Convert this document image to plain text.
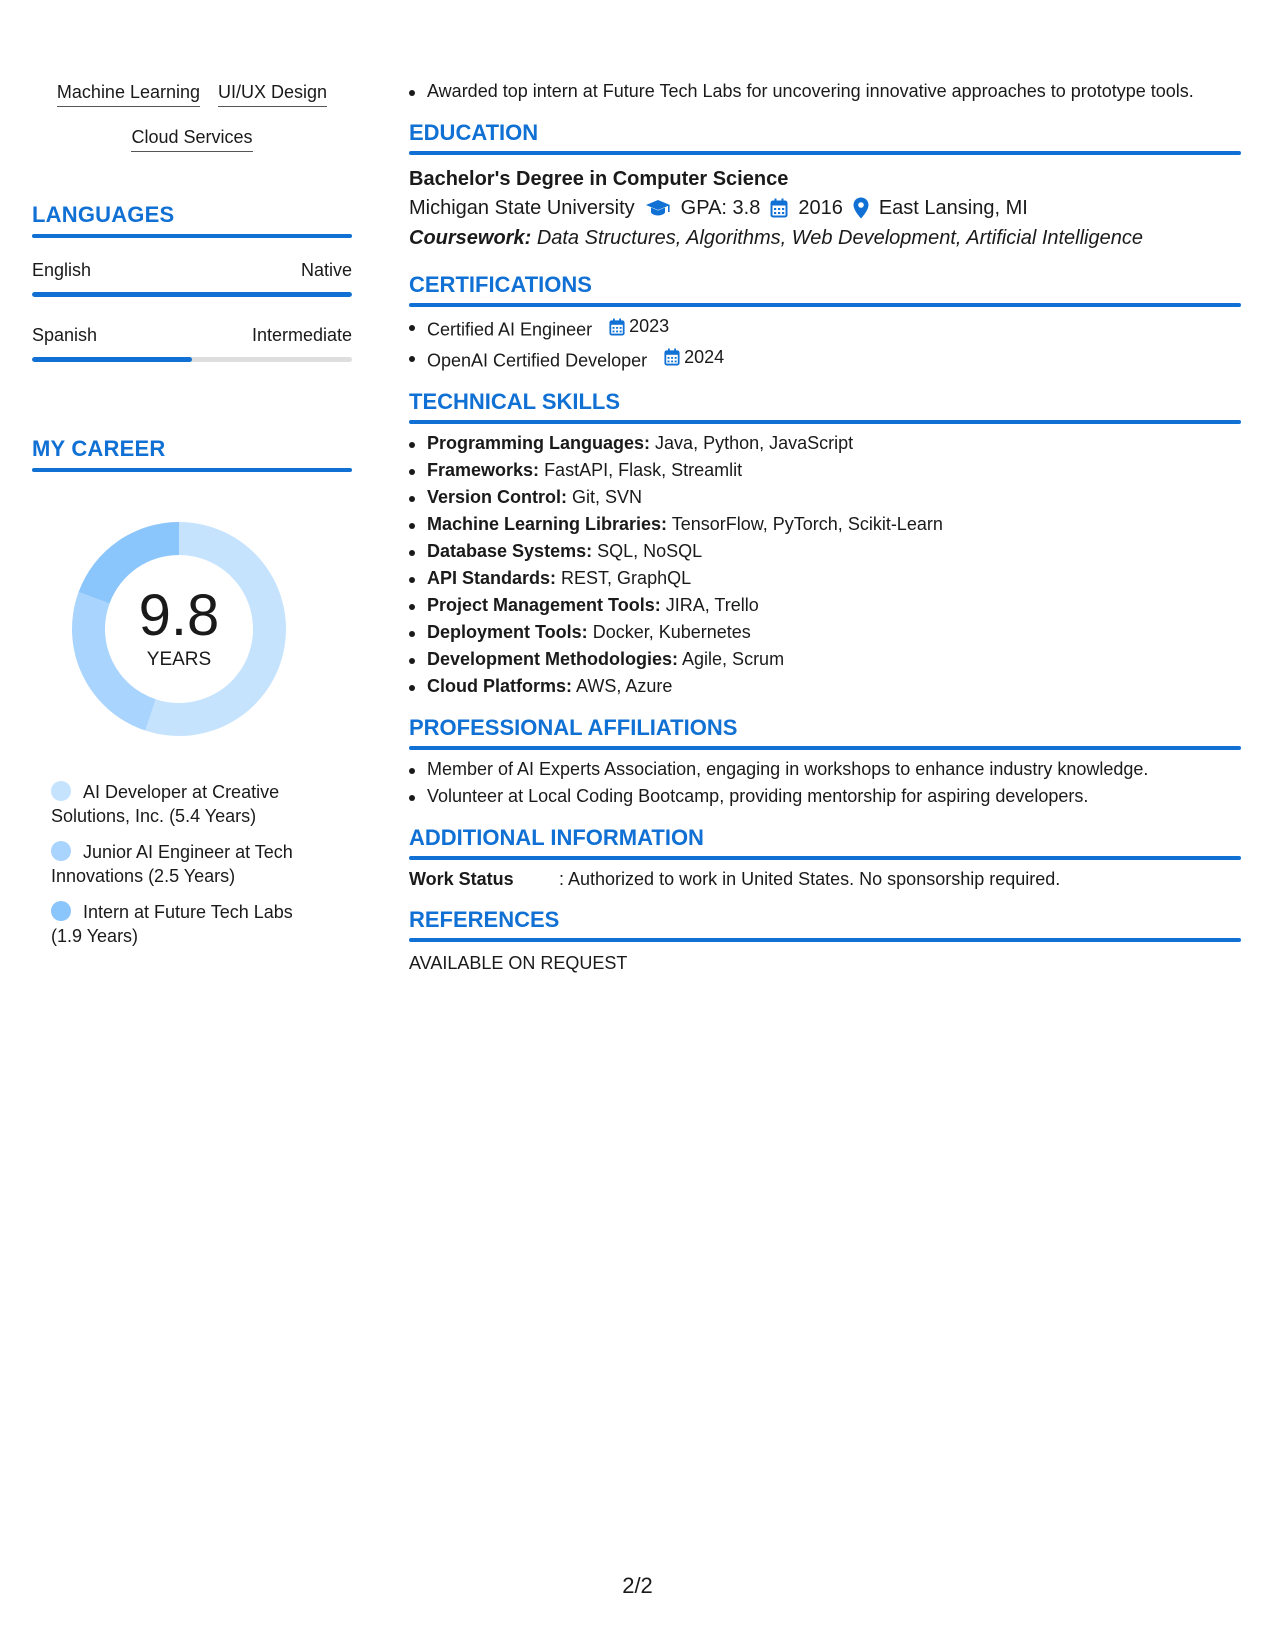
Machine Learning UI/UX Design
Cloud Services
LANGUAGES
English	Native
Spanish	Intermediate
MY CAREER
9.8
YEARS
AI Developer at Creative Solutions, Inc. (5.4 Years)
Junior AI Engineer at Tech Innovations (2.5 Years)
Intern at Future Tech Labs (1.9 Years)
Awarded top intern at Future Tech Labs for uncovering innovative approaches to prototype tools.
EDUCATION
Bachelor's Degree in Computer Science
Michigan State University GPA: 3.8 2016 East Lansing, MI
Coursework: Data Structures, Algorithms, Web Development, Artificial Intelligence
CERTIFICATIONS
Certified AI Engineer 2023
OpenAI Certified Developer 2024
TECHNICAL SKILLS
Programming Languages: Java, Python, JavaScript
Frameworks: FastAPI, Flask, Streamlit
Version Control: Git, SVN
Machine Learning Libraries: TensorFlow, PyTorch, Scikit-Learn
Database Systems: SQL, NoSQL
API Standards: REST, GraphQL
Project Management Tools: JIRA, Trello
Deployment Tools: Docker, Kubernetes
Development Methodologies: Agile, Scrum
Cloud Platforms: AWS, Azure
PROFESSIONAL AFFILIATIONS
Member of AI Experts Association, engaging in workshops to enhance industry knowledge.
Volunteer at Local Coding Bootcamp, providing mentorship for aspiring developers.
ADDITIONAL INFORMATION
Work Status	: Authorized to work in United States. No sponsorship required.
REFERENCES
AVAILABLE ON REQUEST
2/2
